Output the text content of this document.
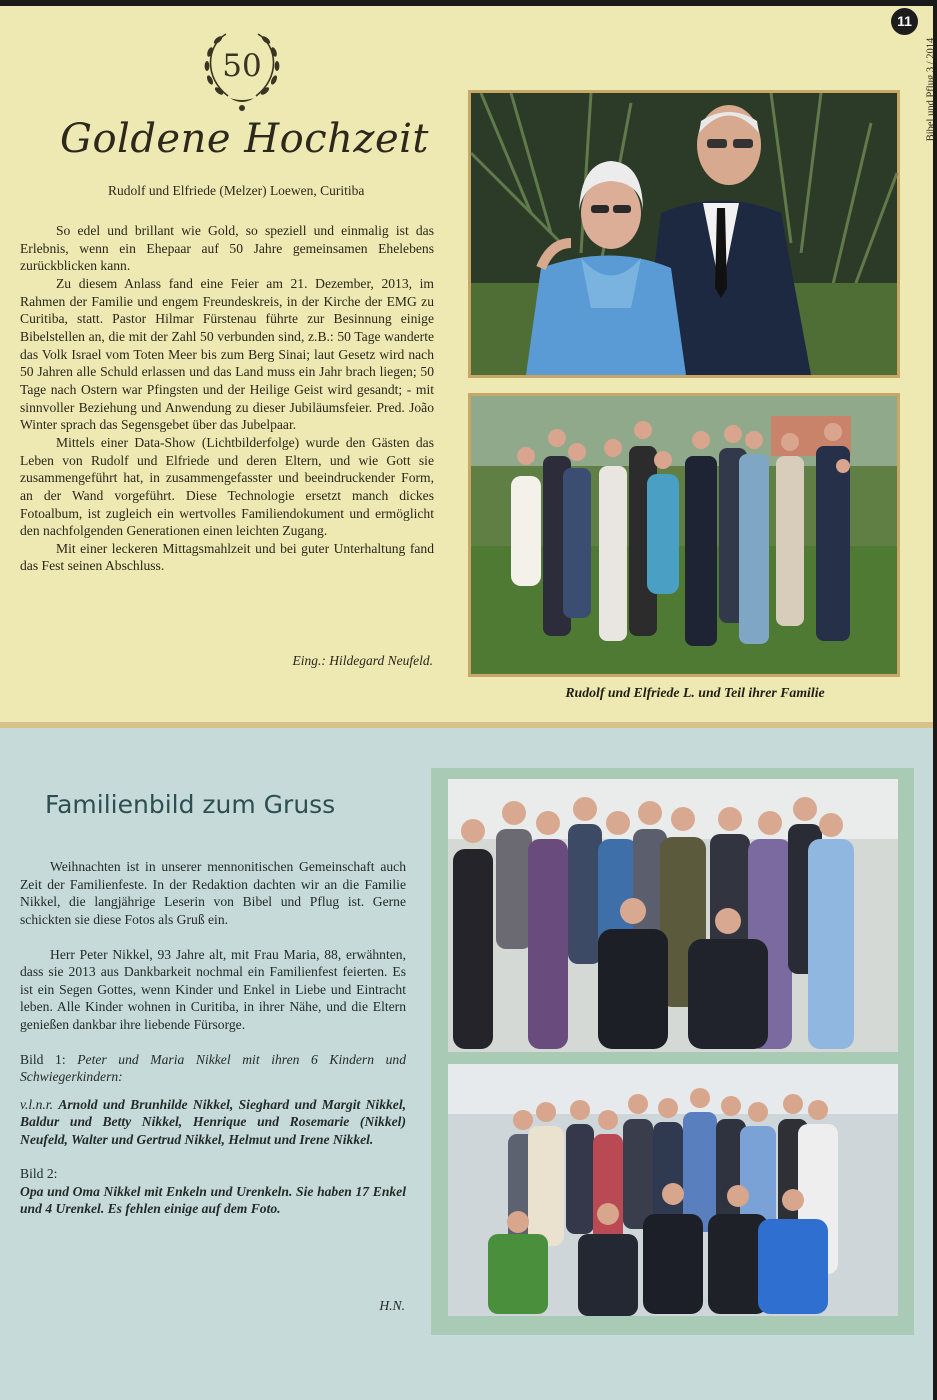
50
Goldene Hochzeit
Rudolf und Elfriede (Melzer) Loewen, Curitiba

So edel und brillant wie Gold, so speziell und einmalig ist das Erlebnis, wenn ein Ehepaar auf 50 Jahre gemeinsamen Ehelebens zurückblicken kann.

Zu diesem Anlass fand eine Feier am 21. Dezember, 2013, im Rahmen der Familie und engem Freundeskreis, in der Kirche der EMG zu Curitiba, statt. Pastor Hilmar Fürstenau führte zur Besinnung einige Bibelstellen an, die mit der Zahl 50 verbunden sind, z.B.: 50 Tage wanderte das Volk Israel vom Toten Meer bis zum Berg Sinai; laut Gesetz wird nach 50 Jahren alle Schuld erlassen und das Land muss ein Jahr brach liegen; 50 Tage nach Ostern war Pfingsten und der Heilige Geist wird gesandt; - mit sinnvoller Beziehung und Anwendung zu dieser Jubiläumsfeier. Pred. João Winter sprach das Segensgebet über das Jubelpaar.

Mittels einer Data-Show (Lichtbilderfolge) wurde den Gästen das Leben von Rudolf und Elfriede und deren Eltern, und wie Gott sie zusammengeführt hat, in zusammengefasster und beeindruckender Form, an der Wand vorgeführt. Diese Technologie ersetzt manch dickes Fotoalbum, ist zugleich ein wertvolles Familiendokument und ermöglicht den nachfolgenden Generationen einen leichten Zugang.

Mit einer leckeren Mittagsmahlzeit und bei guter Unterhaltung fand das Fest seinen Abschluss.

Eing.: Hildegard Neufeld.
Rudolf und Elfriede L. und Teil ihrer Familie
11
Bibel und Pflug 3 / 2014
Familienbild zum Gruss

Weihnachten ist in unserer mennonitischen Gemeinschaft auch Zeit der Familienfeste. In der Redaktion dachten wir an die Familie Nikkel, die langjährige Leserin von Bibel und Pflug ist. Gerne schickten sie diese Fotos als Gruß ein.

Herr Peter Nikkel, 93 Jahre alt, mit Frau Maria, 88, erwähnten, dass sie 2013 aus Dankbarkeit nochmal ein Familienfest feierten. Es ist ein Segen Gottes, wenn Kinder und Enkel in Liebe und Eintracht leben. Alle Kinder wohnen in Curitiba, in ihrer Nähe, und die Eltern genießen dankbar ihre liebende Fürsorge.

Bild 1: Peter und Maria Nikkel mit ihren 6 Kindern und Schwiegerkindern:

v.l.n.r. Arnold und Brunhilde Nikkel, Sieghard und Margit Nikkel, Baldur und Betty Nikkel, Henrique und Rosemarie (Nikkel) Neufeld, Walter und Gertrud Nikkel, Helmut und Irene Nikkel.

Bild 2:

Opa und Oma Nikkel mit Enkeln und Urenkeln. Sie haben 17 Enkel und 4 Urenkel. Es fehlen einige auf dem Foto.

H.N.
